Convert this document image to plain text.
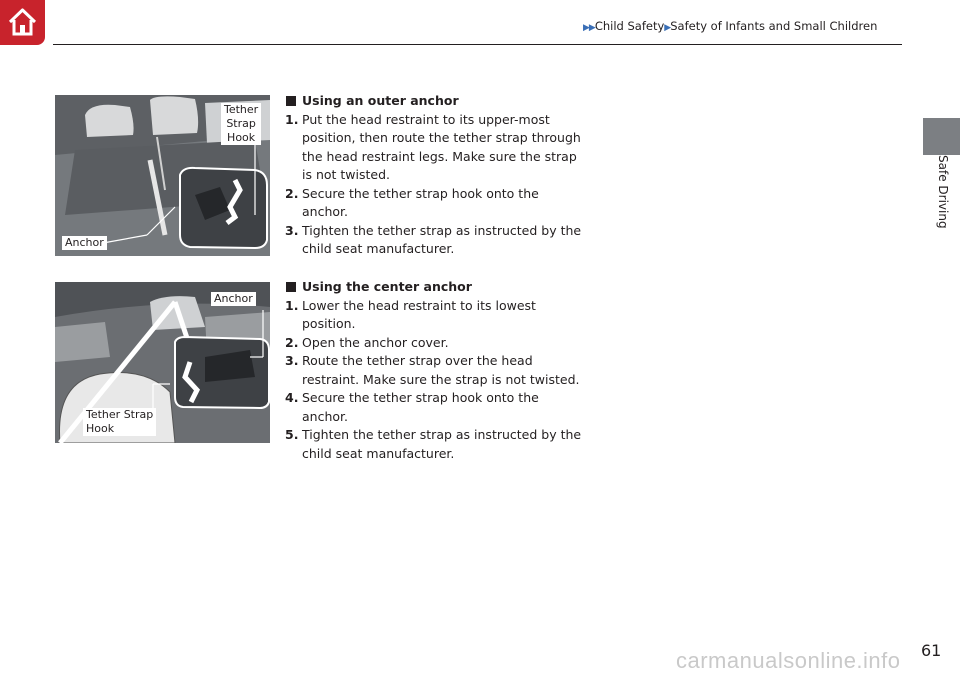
▶▶Child Safety▶Safety of Infants and Small Children
Safe Driving
Tether
Strap
Hook
Anchor
Anchor
Tether Strap
Hook
Using an outer anchor
1. Put the head restraint to its upper-most position, then route the tether strap through the head restraint legs. Make sure the strap is not twisted.
2. Secure the tether strap hook onto the anchor.
3. Tighten the tether strap as instructed by the child seat manufacturer.
Using the center anchor
1. Lower the head restraint to its lowest position.
2. Open the anchor cover.
3. Route the tether strap over the head restraint. Make sure the strap is not twisted.
4. Secure the tether strap hook onto the anchor.
5. Tighten the tether strap as instructed by the child seat manufacturer.
61
carmanualsonline.info
